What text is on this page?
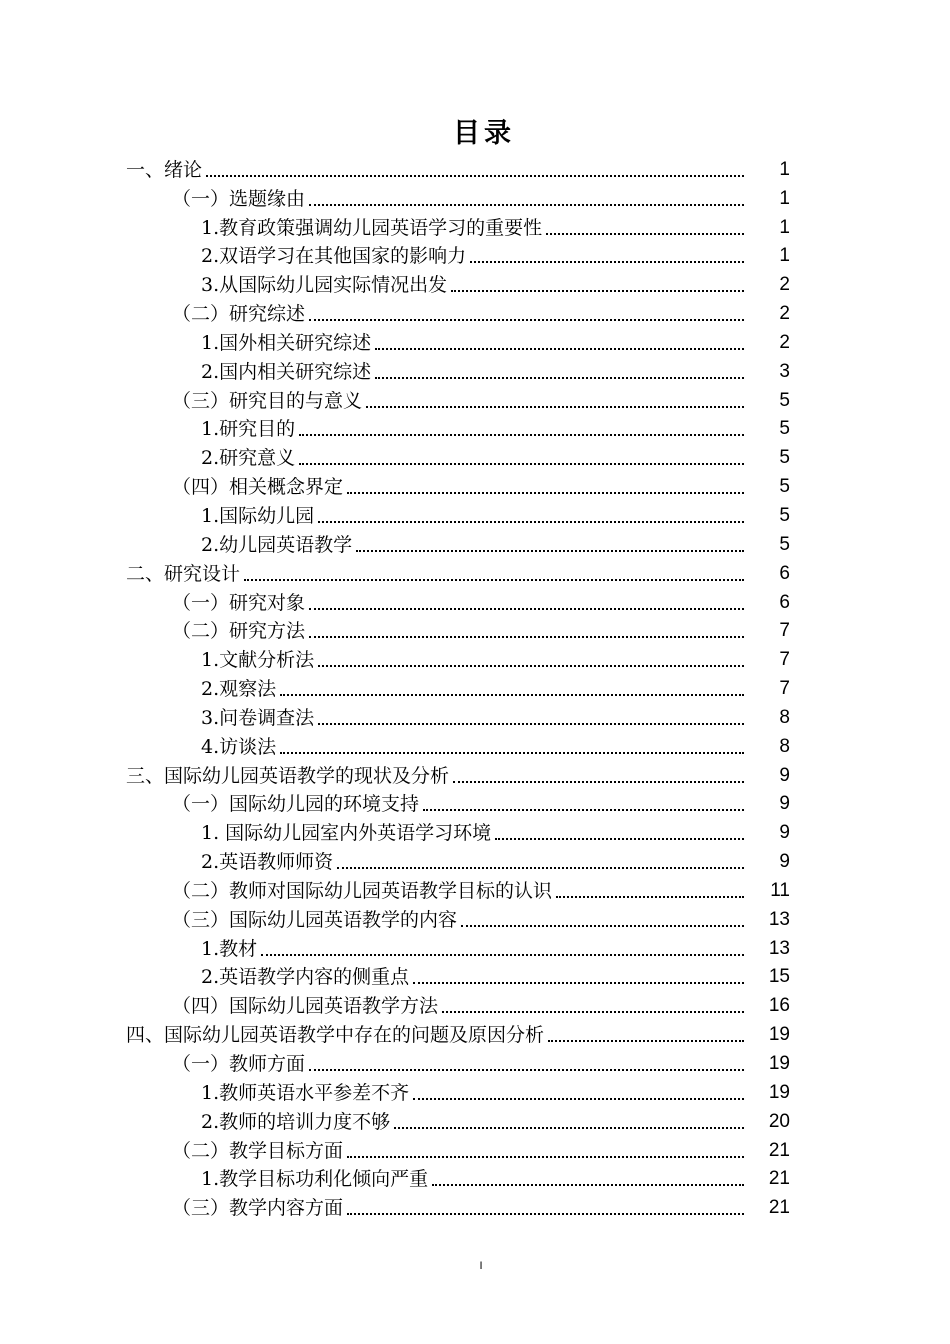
目录
一、绪论	1
（一）选题缘由	1
1.教育政策强调幼儿园英语学习的重要性	1
2.双语学习在其他国家的影响力	1
3.从国际幼儿园实际情况出发	2
（二）研究综述	2
1.国外相关研究综述	2
2.国内相关研究综述	3
（三）研究目的与意义	5
1.研究目的	5
2.研究意义	5
（四）相关概念界定	5
1.国际幼儿园	5
2.幼儿园英语教学	5
二、研究设计	6
（一）研究对象	6
（二）研究方法	7
1.文献分析法	7
2.观察法	7
3.问卷调查法	8
4.访谈法	8
三、国际幼儿园英语教学的现状及分析	9
（一）国际幼儿园的环境支持	9
1. 国际幼儿园室内外英语学习环境	9
2.英语教师师资	9
（二）教师对国际幼儿园英语教学目标的认识	11
（三）国际幼儿园英语教学的内容	13
1.教材	13
2.英语教学内容的侧重点	15
（四）国际幼儿园英语教学方法	16
四、国际幼儿园英语教学中存在的问题及原因分析	19
（一）教师方面	19
1.教师英语水平参差不齐	19
2.教师的培训力度不够	20
（二）教学目标方面	21
1.教学目标功利化倾向严重	21
（三）教学内容方面	21
I
